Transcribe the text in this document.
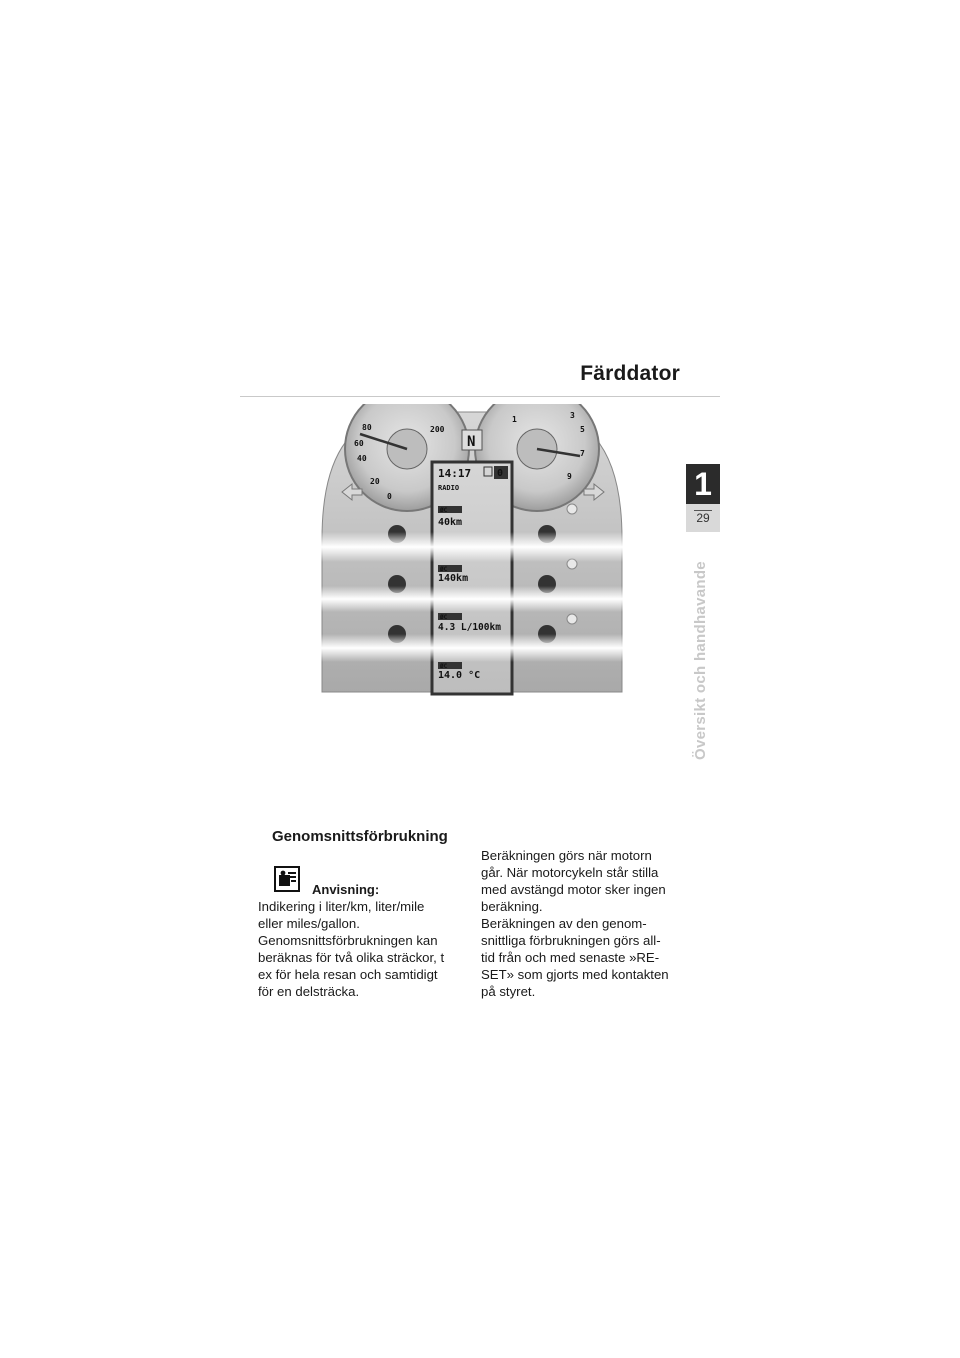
Färddator
1
29
Översikt och handhavande
80
60
40
20
0
200
1	3
5
7
9
N
14:17	0
RADIO
ØC
40km
ØC
140km
ØC
4.3 L/100km
ØC
14.0 °C
Genomsnittsförbrukning
Anvisning:

Indikering i liter/km, liter/mile
eller miles/gallon.
Genomsnittsförbrukningen kan
beräknas för två olika sträckor, t
ex för hela resan och samtidigt
för en delsträcka.

Beräkningen görs när motorn
går. När motorcykeln står stilla
med avstängd motor sker ingen
beräkning.
Beräkningen av den genom-
snittliga förbrukningen görs all-
tid från och med senaste »RE-
SET» som gjorts med kontakten
på styret.
